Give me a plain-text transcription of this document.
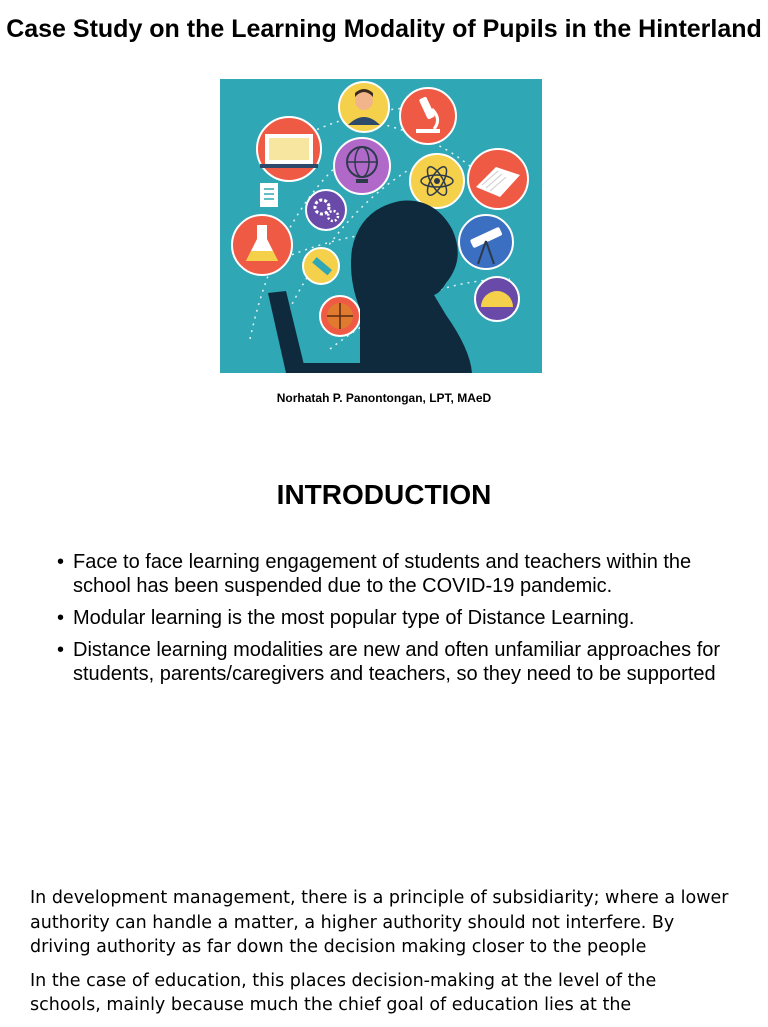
Case Study on the Learning Modality of Pupils in the Hinterland
Norhatah P. Panontongan, LPT, MAeD
INTRODUCTION
• Face to face learning engagement of students and teachers within the school has been suspended due to the COVID-19 pandemic.
• Modular learning is the most popular type of Distance Learning.
• Distance learning modalities are new and often unfamiliar approaches for students, parents/caregivers and teachers, so they need to be supported

In development management, there is a principle of subsidiarity; where a lower authority can handle a matter, a higher authority should not interfere. By driving authority as far down the decision making closer to the people

In the case of education, this places decision-making at the level of the schools, mainly because much the chief goal of education lies at the
